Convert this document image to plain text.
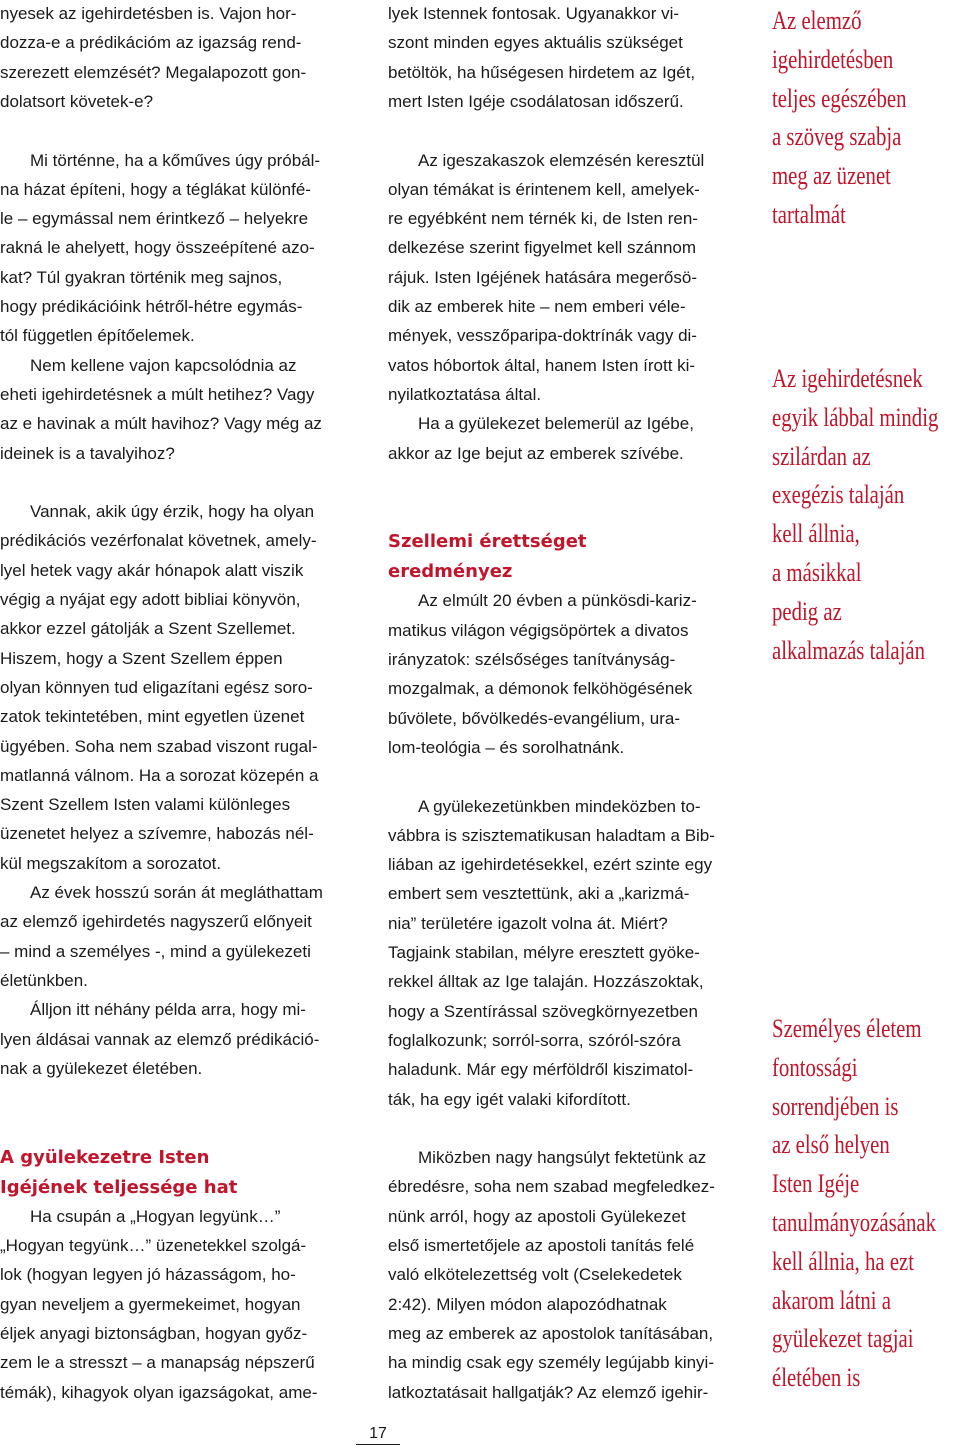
nyesek az igehirdetésben is. Vajon hor-
dozza-e a prédikációm az igazság rend-
szerezett elemzését? Megalapozott gon-
dolatsort követek-e?
Mi történne, ha a kőműves úgy próbál-
na házat építeni, hogy a téglákat különfé-
le – egymással nem érintkező – helyekre
rakná le ahelyett, hogy összeépítené azo-
kat? Túl gyakran történik meg sajnos,
hogy prédikációink hétről-hétre egymás-
tól független építőelemek.
Nem kellene vajon kapcsolódnia az
eheti igehirdetésnek a múlt hetihez? Vagy
az e havinak a múlt havihoz? Vagy még az
ideinek is a tavalyihoz?
Vannak, akik úgy érzik, hogy ha olyan
prédikációs vezérfonalat követnek, amely-
lyel hetek vagy akár hónapok alatt viszik
végig a nyájat egy adott bibliai könyvön,
akkor ezzel gátolják a Szent Szellemet.
Hiszem, hogy a Szent Szellem éppen
olyan könnyen tud eligazítani egész soro-
zatok tekintetében, mint egyetlen üzenet
ügyében. Soha nem szabad viszont rugal-
matlanná válnom. Ha a sorozat közepén a
Szent Szellem Isten valami különleges
üzenetet helyez a szívemre, habozás nél-
kül megszakítom a sorozatot.
Az évek hosszú során át megláthattam
az elemző igehirdetés nagyszerű előnyeit
– mind a személyes -, mind a gyülekezeti
életünkben.
Álljon itt néhány példa arra, hogy mi-
lyen áldásai vannak az elemző prédikáció-
nak a gyülekezet életében.
A gyülekezetre Isten
Igéjének teljessége hat
Ha csupán a „Hogyan legyünk…”
„Hogyan tegyünk…” üzenetekkel szolgá-
lok (hogyan legyen jó házasságom, ho-
gyan neveljem a gyermekeimet, hogyan
éljek anyagi biztonságban, hogyan győz-
zem le a stresszt – a manapság népszerű
témák), kihagyok olyan igazságokat, ame-
lyek Istennek fontosak. Ugyanakkor vi-
szont minden egyes aktuális szükséget
betöltök, ha hűségesen hirdetem az Igét,
mert Isten Igéje csodálatosan időszerű.
Az igeszakaszok elemzésén keresztül
olyan témákat is érintenem kell, amelyek-
re egyébként nem térnék ki, de Isten ren-
delkezése szerint figyelmet kell szánnom
rájuk. Isten Igéjének hatására megerősö-
dik az emberek hite – nem emberi véle-
mények, vesszőparipa-doktrínák vagy di-
vatos hóbortok által, hanem Isten írott ki-
nyilatkoztatása által.
Ha a gyülekezet belemerül az Igébe,
akkor az Ige bejut az emberek szívébe.
Szellemi érettséget
eredményez
Az elmúlt 20 évben a pünkösdi-kariz-
matikus világon végigsöpörtek a divatos
irányzatok: szélsőséges tanítványság-
mozgalmak, a démonok felköhögésének
bűvölete, bővölkedés-evangélium, ura-
lom-teológia – és sorolhatnánk.
A gyülekezetünkben mindeközben to-
vábbra is szisztematikusan haladtam a Bib-
liában az igehirdetésekkel, ezért szinte egy
embert sem vesztettünk, aki a „karizmá-
nia” területére igazolt volna át. Miért?
Tagjaink stabilan, mélyre eresztett gyöke-
rekkel álltak az Ige talaján. Hozzászoktak,
hogy a Szentírással szövegkörnyezetben
foglalkozunk; sorról-sorra, szóról-szóra
haladunk. Már egy mérföldről kiszimatol-
ták, ha egy igét valaki kifordított.
Miközben nagy hangsúlyt fektetünk az
ébredésre, soha nem szabad megfeledkez-
nünk arról, hogy az apostoli Gyülekezet
első ismertetőjele az apostoli tanítás felé
való elkötelezettség volt (Cselekedetek
2:42). Milyen módon alapozódhatnak
meg az emberek az apostolok tanításában,
ha mindig csak egy személy legújabb kinyi-
latkoztatásait hallgatják? Az elemző igehir-
Az elemző
igehirdetésben
teljes egészében
a szöveg szabja
meg az üzenet
tartalmát
Az igehirdetésnek
egyik lábbal mindig
szilárdan az
exegézis talaján
kell állnia,
a másikkal
pedig az
alkalmazás talaján
Személyes életem
fontossági
sorrendjében is
az első helyen
Isten Igéje
tanulmányozásának
kell állnia, ha ezt
akarom látni a
gyülekezet tagjai
életében is
17
